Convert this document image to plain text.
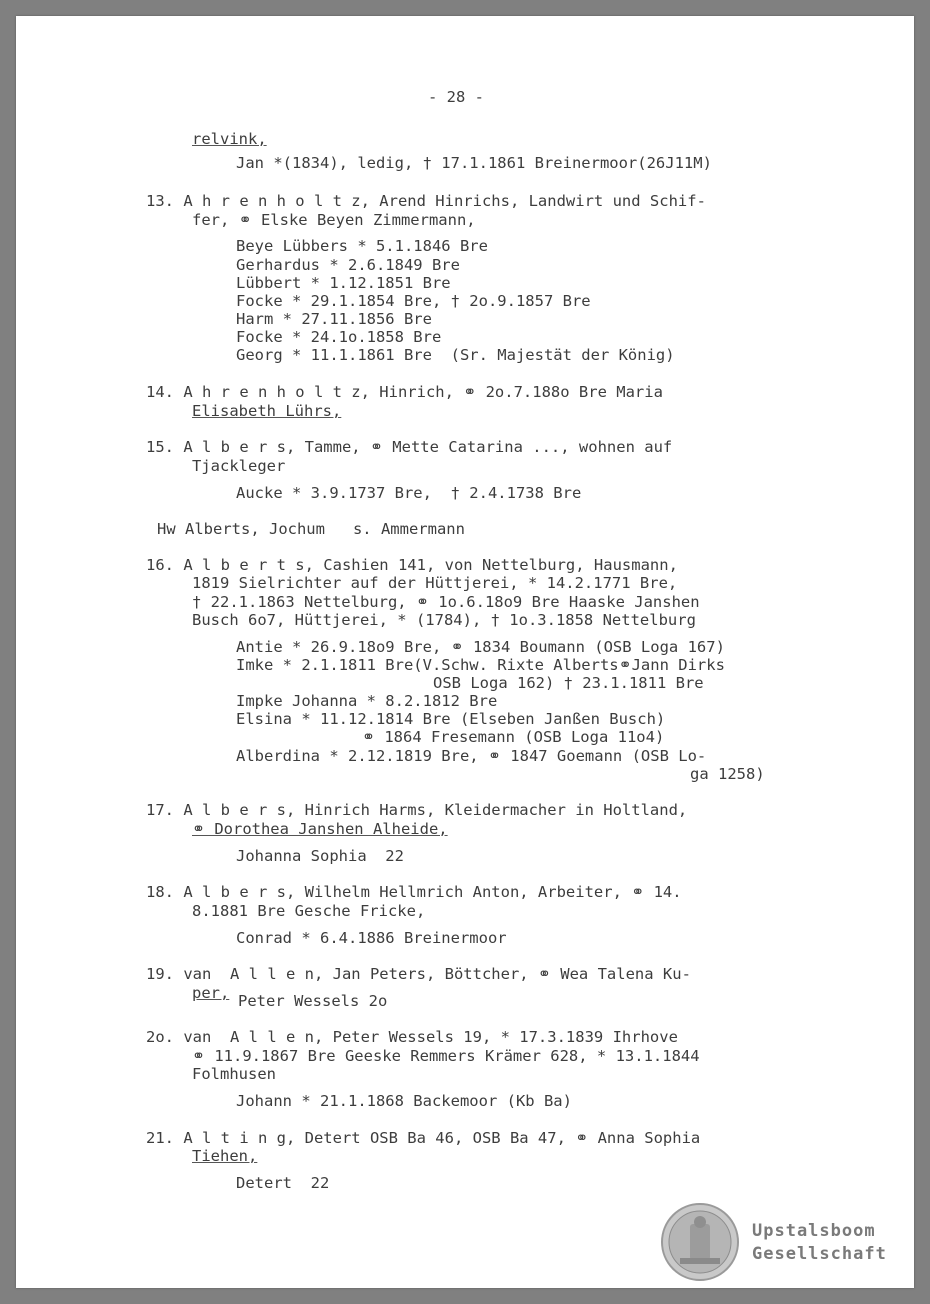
- 28 -
relvink,
Jan *(1834), ledig, † 17.1.1861 Breinermoor(26J11M)
13. A h r e n h o l t z, Arend Hinrichs, Landwirt und Schif-
fer, ⚭ Elske Beyen Zimmermann,
Beye Lübbers * 5.1.1846 Bre
Gerhardus * 2.6.1849 Bre
Lübbert * 1.12.1851 Bre
Focke * 29.1.1854 Bre, † 2o.9.1857 Bre
Harm * 27.11.1856 Bre
Focke * 24.1o.1858 Bre
Georg * 11.1.1861 Bre  (Sr. Majestät der König)
14. A h r e n h o l t z, Hinrich, ⚭ 2o.7.188o Bre Maria
Elisabeth Lührs,
15. A l b e r s, Tamme, ⚭ Mette Catarina ..., wohnen auf
Tjackleger
Aucke * 3.9.1737 Bre,  † 2.4.1738 Bre
Hw Alberts, Jochum   s. Ammermann
16. A l b e r t s, Cashien 141, von Nettelburg, Hausmann,
1819 Sielrichter auf der Hüttjerei, * 14.2.1771 Bre,
† 22.1.1863 Nettelburg, ⚭ 1o.6.18o9 Bre Haaske Janshen
Busch 6o7, Hüttjerei, * (1784), † 1o.3.1858 Nettelburg
Antie * 26.9.18o9 Bre, ⚭ 1834 Boumann (OSB Loga 167)
Imke * 2.1.1811 Bre(V.Schw. Rixte Alberts⚭Jann Dirks
OSB Loga 162) † 23.1.1811 Bre
Impke Johanna * 8.2.1812 Bre
Elsina * 11.12.1814 Bre (Elseben Janßen Busch)
⚭ 1864 Fresemann (OSB Loga 11o4)
Alberdina * 2.12.1819 Bre, ⚭ 1847 Goemann (OSB Lo-
ga 1258)
17. A l b e r s, Hinrich Harms, Kleidermacher in Holtland,
⚭ Dorothea Janshen Alheide,
Johanna Sophia  22
18. A l b e r s, Wilhelm Hellmrich Anton, Arbeiter, ⚭ 14.
8.1881 Bre Gesche Fricke,
Conrad * 6.4.1886 Breinermoor
19. van  A l l e n, Jan Peters, Böttcher, ⚭ Wea Talena Ku-
per, Peter Wessels 2o
2o. van  A l l e n, Peter Wessels 19, * 17.3.1839 Ihrhove
⚭ 11.9.1867 Bre Geeske Remmers Krämer 628, * 13.1.1844
Folmhusen
Johann * 21.1.1868 Backemoor (Kb Ba)
21. A l t i n g, Detert OSB Ba 46, OSB Ba 47, ⚭ Anna Sophia
Tiehen,
Detert  22
Upstalsboom
Gesellschaft
